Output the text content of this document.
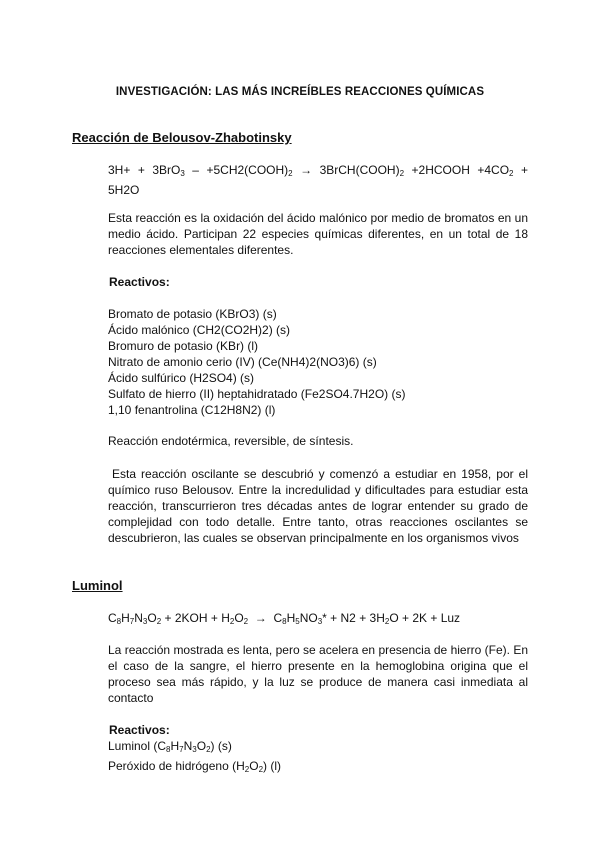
INVESTIGACIÓN: LAS MÁS INCREÍBLES REACCIONES QUÍMICAS
Reacción de Belousov-Zhabotinsky
$3H+ + 3BrO_3 - +5CH2(COOH)_2$ → $3BrCH(COOH)_2$ +2HCOOH $+4CO_2$ +
5H2O
Esta reacción es la oxidación del ácido malónico por medio de bromatos en un medio ácido. Participan 22 especies químicas diferentes, en un total de 18 reacciones elementales diferentes.
Reactivos:
Bromato de potasio (KBrO3) (s)
Ácido malónico (CH2(CO2H)2) (s)
Bromuro de potasio (KBr) (l)
Nitrato de amonio cerio (IV) (Ce(NH4)2(NO3)6) (s)
Ácido sulfúrico (H2SO4) (s)
Sulfato de hierro (II) heptahidratado (Fe2SO4.7H2O) (s)
1,10 fenantrolina (C12H8N2) (l)
Reacción endotérmica, reversible, de síntesis.
Esta reacción oscilante se descubrió y comenzó a estudiar en 1958, por el químico ruso Belousov. Entre la incredulidad y dificultades para estudiar esta reacción, transcurrieron tres décadas antes de lograr entender su grado de complejidad con todo detalle. Entre tanto, otras reacciones oscilantes se descubrieron, las cuales se observan principalmente en los organismos vivos
Luminol
$C_8H_7N_3O_2 + 2KOH + H_2O_2 \to C_8H_5NO_3* + N2 + 3H_2O + 2K$ + Luz
La reacción mostrada es lenta, pero se acelera en presencia de hierro (Fe). En el caso de la sangre, el hierro presente en la hemoglobina origina que el proceso sea más rápido, y la luz se produce de manera casi inmediata al contacto
Reactivos:
Luminol $(C_8H_7N_3O_2)$ (s)
Peróxido de hidrógeno $(H_2O_2)$ (l)
